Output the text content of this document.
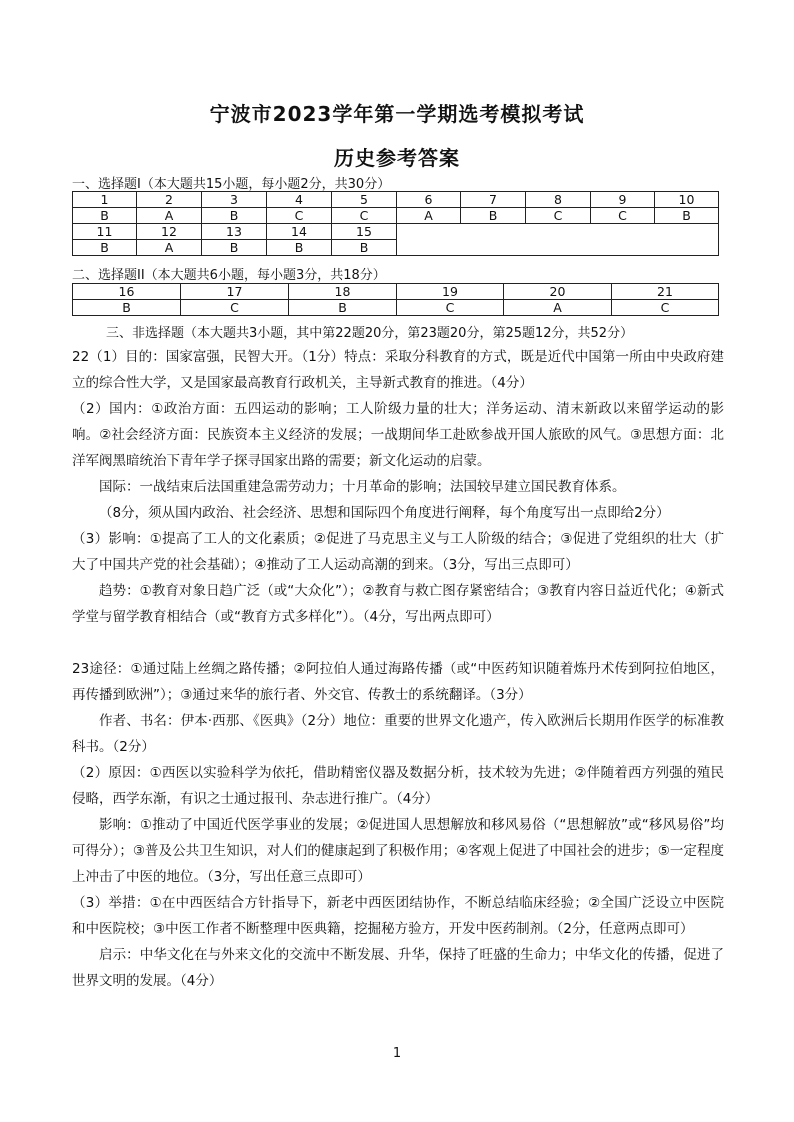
宁波市2023学年第一学期选考模拟考试
历史参考答案
一、选择题I（本大题共15小题，每小题2分，共30分）
1	2	3	4	5	6	7	8	9	10
B	A	B	C	C	A	B	C	C	B
11	12	13	14	15					
B	A	B	B	B					
二、选择题II（本大题共6小题，每小题3分，共18分）
16	17	18	19	20	21
B	C	B	C	A	C
三、非选择题（本大题共3小题，其中第22题20分，第23题20分，第25题12分，共52分）

22（1）目的：国家富强，民智大开。（1分）特点：采取分科教育的方式，既是近代中国第一所由中央政府建立的综合性大学，又是国家最高教育行政机关，主导新式教育的推进。（4分）

（2）国内：①政治方面：五四运动的影响；工人阶级力量的壮大；洋务运动、清末新政以来留学运动的影响。②社会经济方面：民族资本主义经济的发展；一战期间华工赴欧参战开国人旅欧的风气。③思想方面：北洋军阀黑暗统治下青年学子探寻国家出路的需要；新文化运动的启蒙。

国际：一战结束后法国重建急需劳动力；十月革命的影响；法国较早建立国民教育体系。

（8分，须从国内政治、社会经济、思想和国际四个角度进行阐释，每个角度写出一点即给2分）

（3）影响：①提高了工人的文化素质；②促进了马克思主义与工人阶级的结合；③促进了党组织的壮大（扩大了中国共产党的社会基础）；④推动了工人运动高潮的到来。（3分，写出三点即可）

趋势：①教育对象日趋广泛（或“大众化”）；②教育与救亡图存紧密结合；③教育内容日益近代化；④新式学堂与留学教育相结合（或“教育方式多样化”）。（4分，写出两点即可）

23途径：①通过陆上丝绸之路传播；②阿拉伯人通过海路传播（或“中医药知识随着炼丹术传到阿拉伯地区，再传播到欧洲”）；③通过来华的旅行者、外交官、传教士的系统翻译。（3分）

作者、书名：伊本·西那、《医典》（2分）地位：重要的世界文化遗产，传入欧洲后长期用作医学的标准教科书。（2分）

（2）原因：①西医以实验科学为依托，借助精密仪器及数据分析，技术较为先进；②伴随着西方列强的殖民侵略，西学东渐，有识之士通过报刊、杂志进行推广。（4分）

影响：①推动了中国近代医学事业的发展；②促进国人思想解放和移风易俗（“思想解放”或“移风易俗”均可得分）；③普及公共卫生知识，对人们的健康起到了积极作用；④客观上促进了中国社会的进步；⑤一定程度上冲击了中医的地位。（3分，写出任意三点即可）

（3）举措：①在中西医结合方针指导下，新老中西医团结协作，不断总结临床经验；②全国广泛设立中医院和中医院校；③中医工作者不断整理中医典籍，挖掘秘方验方，开发中医药制剂。（2分，任意两点即可）

启示：中华文化在与外来文化的交流中不断发展、升华，保持了旺盛的生命力；中华文化的传播，促进了世界文明的发展。（4分）

1
